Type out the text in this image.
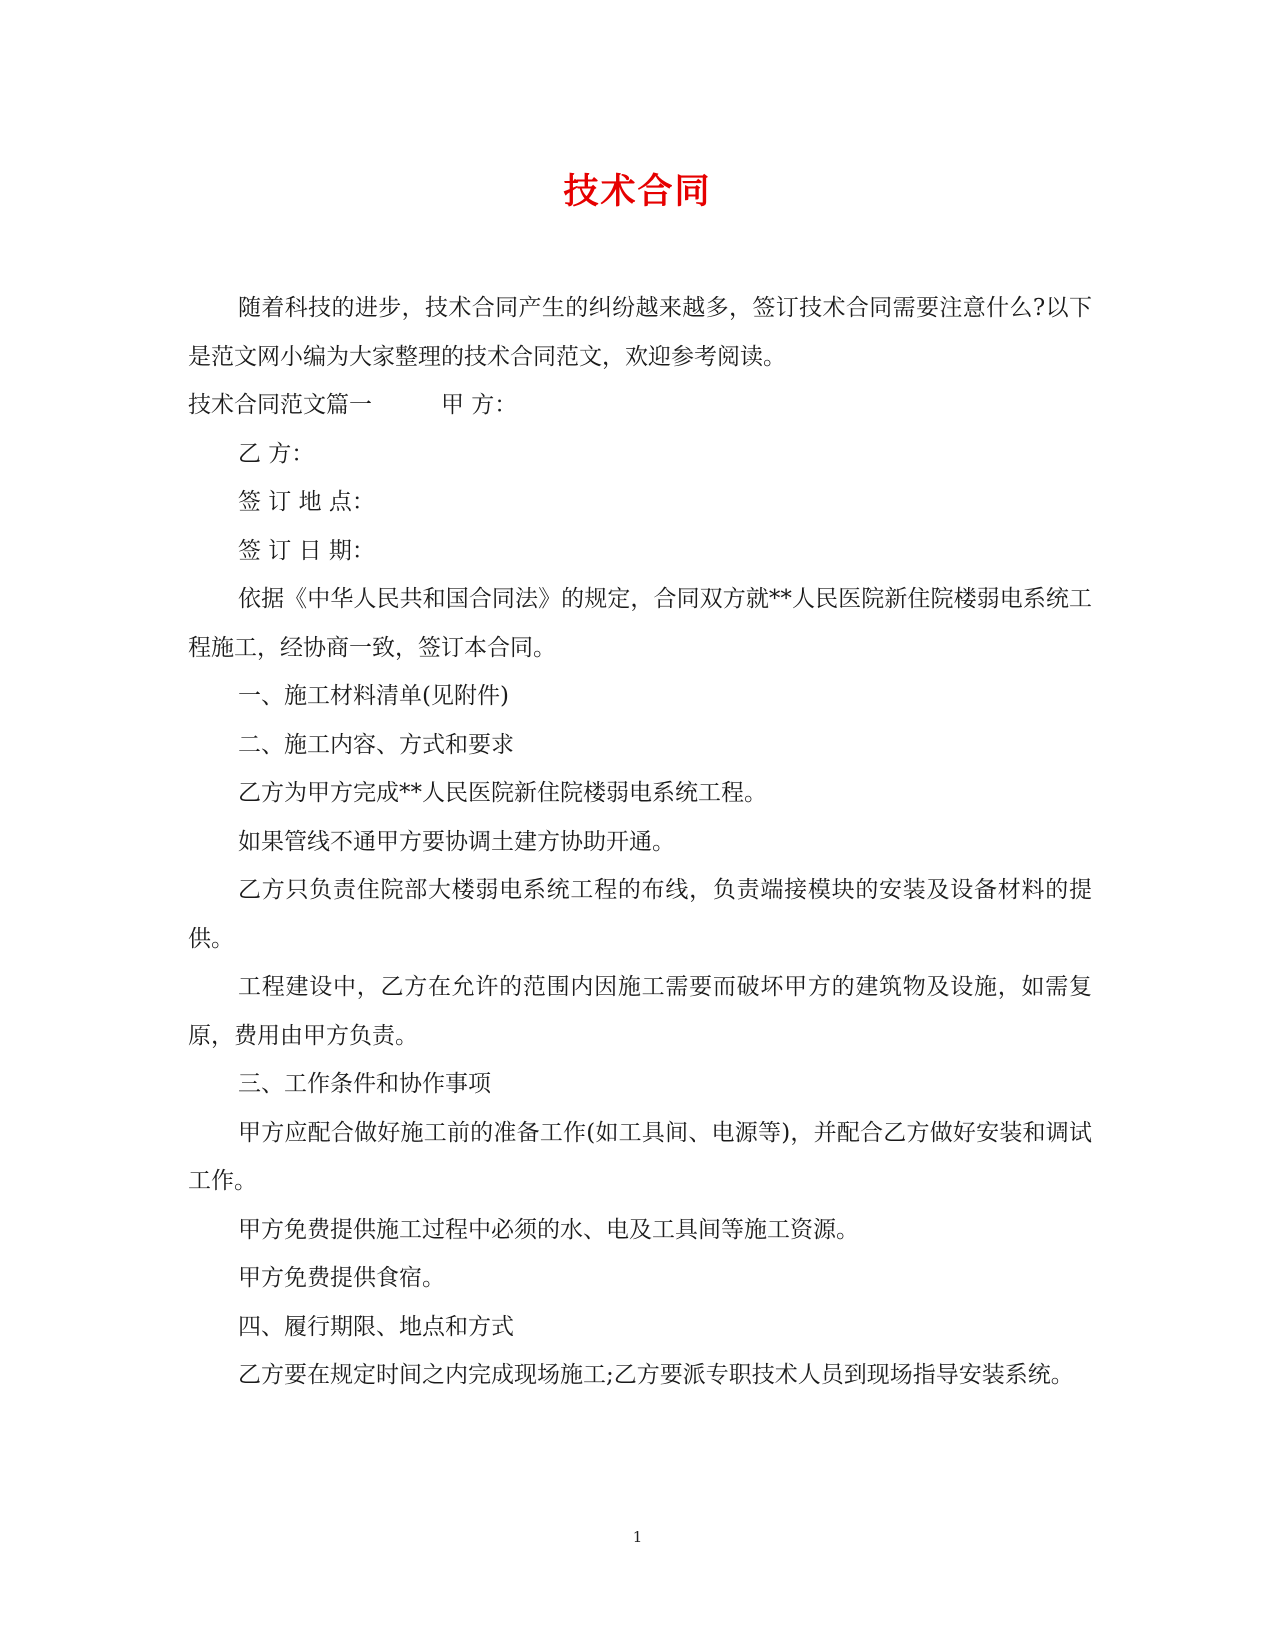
技术合同

随着科技的进步，技术合同产生的纠纷越来越多，签订技术合同需要注意什么?以下是范文网小编为大家整理的技术合同范文，欢迎参考阅读。

技术合同范文篇一　　　甲 方：

乙 方：

签 订 地 点：

签 订 日 期：

依据《中华人民共和国合同法》的规定，合同双方就**人民医院新住院楼弱电系统工程施工，经协商一致，签订本合同。

一、施工材料清单(见附件)

二、施工内容、方式和要求

乙方为甲方完成**人民医院新住院楼弱电系统工程。

如果管线不通甲方要协调土建方协助开通。

乙方只负责住院部大楼弱电系统工程的布线，负责端接模块的安装及设备材料的提供。

工程建设中，乙方在允许的范围内因施工需要而破坏甲方的建筑物及设施，如需复原，费用由甲方负责。

三、工作条件和协作事项

甲方应配合做好施工前的准备工作(如工具间、电源等)，并配合乙方做好安装和调试工作。

甲方免费提供施工过程中必须的水、电及工具间等施工资源。

甲方免费提供食宿。

四、履行期限、地点和方式

乙方要在规定时间之内完成现场施工;乙方要派专职技术人员到现场指导安装系统。

1
